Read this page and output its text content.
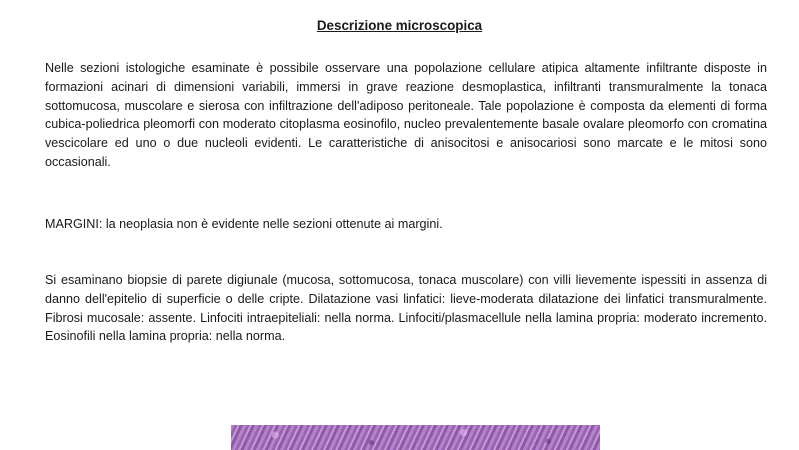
Descrizione microscopica

Nelle sezioni istologiche esaminate è possibile osservare una popolazione cellulare atipica altamente infiltrante disposte in formazioni acinari di dimensioni variabili, immersi in grave reazione desmoplastica, infiltranti transmuralmente la tonaca sottomucosa, muscolare e sierosa con infiltrazione dell'adiposo peritoneale. Tale popolazione è composta da elementi di forma cubica-poliedrica pleomorfi con moderato citoplasma eosinofilo, nucleo prevalentemente basale ovalare pleomorfo con cromatina vescicolare ed uno o due nucleoli evidenti. Le caratteristiche di anisocitosi e anisocariosi sono marcate e le mitosi sono occasionali.

MARGINI: la neoplasia non è evidente nelle sezioni ottenute ai margini.

Si esaminano biopsie di parete digiunale (mucosa, sottomucosa, tonaca muscolare) con villi lievemente ispessiti in assenza di danno dell'epitelio di superficie o delle cripte. Dilatazione vasi linfatici: lieve-moderata dilatazione dei linfatici transmuralmente. Fibrosi mucosale: assente. Linfociti intraepiteliali: nella norma. Linfociti/plasmacellule nella lamina propria: moderato incremento. Eosinofili nella lamina propria: nella norma.
